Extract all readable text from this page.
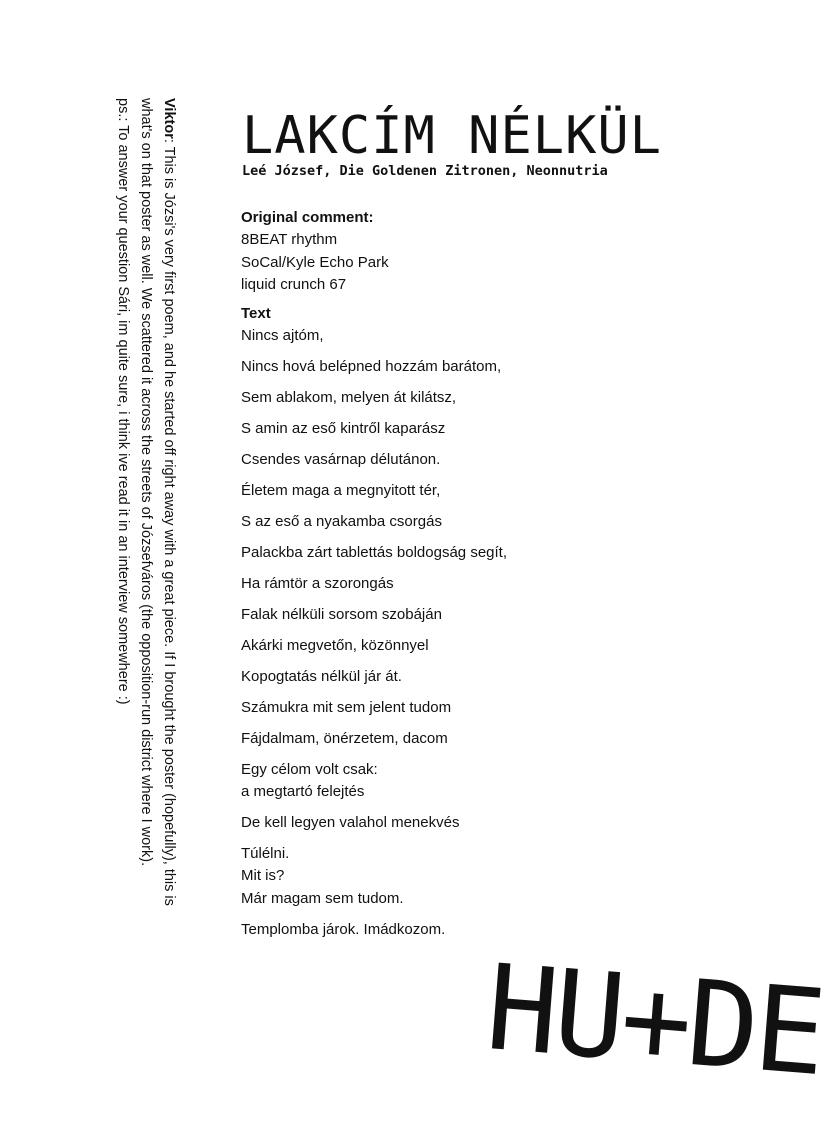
Viktor: This is Józsi's very first poem, and he started off right away with a great piece. If I brought the poster (hopefully), this is

what's on that poster as well. We scattered it across the streets of Józsefváros (the opposition-run district where I work).

ps.: To answer your question Sári, im quite sure, i think ive read it in an interview somewhere :) LAKCÍM NÉLKÜL

Leé József, Die Goldenen Zitronen, Neonnutria

Original comment:

8BEAT rhythm

SoCal/Kyle Echo Park

liquid crunch 67

Text

Nincs ajtóm,

Nincs hová belépned hozzám barátom,

Sem ablakom, melyen át kilátsz,

S amin az eső kintről kaparász

Csendes vasárnap délutánon.

Életem maga a megnyitott tér,

S az eső a nyakamba csorgás

Palackba zárt tablettás boldogság segít,

Ha rámtör a szorongás

Falak nélküli sorsom szobáján

Akárki megvetőn, közönnyel

Kopogtatás nélkül jár át.

Számukra mit sem jelent tudom

Fájdalmam, önérzetem, dacom

Egy célom volt csak:
a megtartó felejtés

De kell legyen valahol menekvés

Túlélni.
Mit is?
Már magam sem tudom.

Templomba járok. Imádkozom.

HU+DE
